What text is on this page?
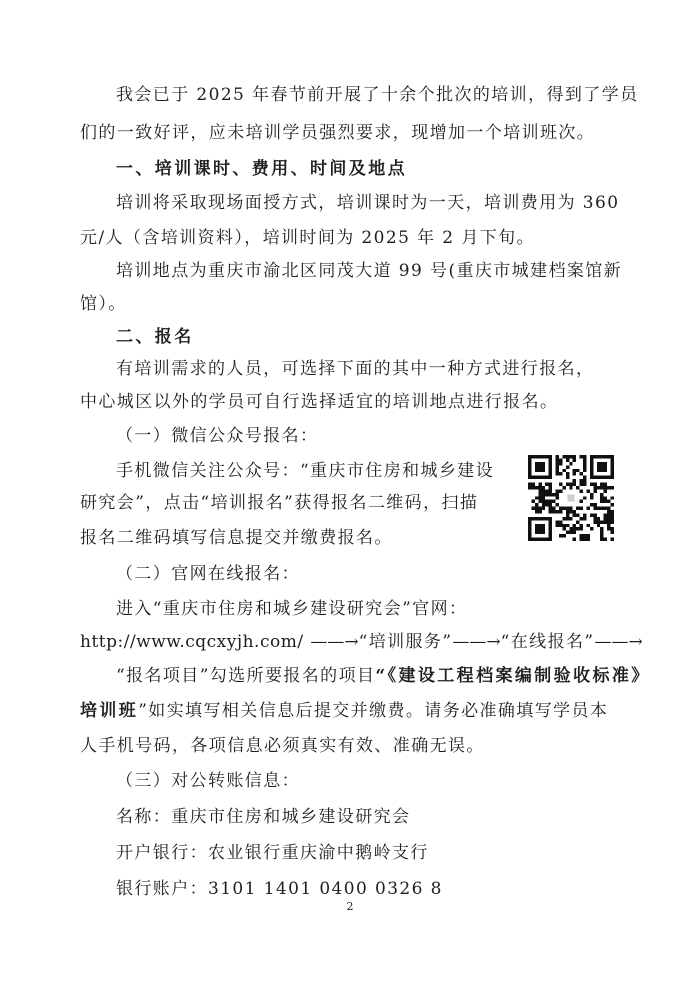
我会已于 2025 年春节前开展了十余个批次的培训，得到了学员
们的一致好评，应未培训学员强烈要求，现增加一个培训班次。
一、培训课时、费用、时间及地点
培训将采取现场面授方式，培训课时为一天，培训费用为 360
元/人（含培训资料），培训时间为 2025 年 2 月下旬。
培训地点为重庆市渝北区同茂大道 99 号(重庆市城建档案馆新
馆）。
二、报名
有培训需求的人员，可选择下面的其中一种方式进行报名，
中心城区以外的学员可自行选择适宜的培训地点进行报名。
（一）微信公众号报名：
手机微信关注公众号：“重庆市住房和城乡建设
研究会”，点击“培训报名”获得报名二维码，扫描
报名二维码填写信息提交并缴费报名。
（二）官网在线报名：
进入“重庆市住房和城乡建设研究会”官网：
http://www.cqcxyjh.com/ ——→“培训服务”——→“在线报名”——→
“报名项目”勾选所要报名的项目“《建设工程档案编制验收标准》
培训班”如实填写相关信息后提交并缴费。请务必准确填写学员本
人手机号码，各项信息必须真实有效、准确无误。
（三）对公转账信息：
名称：重庆市住房和城乡建设研究会
开户银行：农业银行重庆渝中鹅岭支行
银行账户：3101 1401 0400 0326 8
2
